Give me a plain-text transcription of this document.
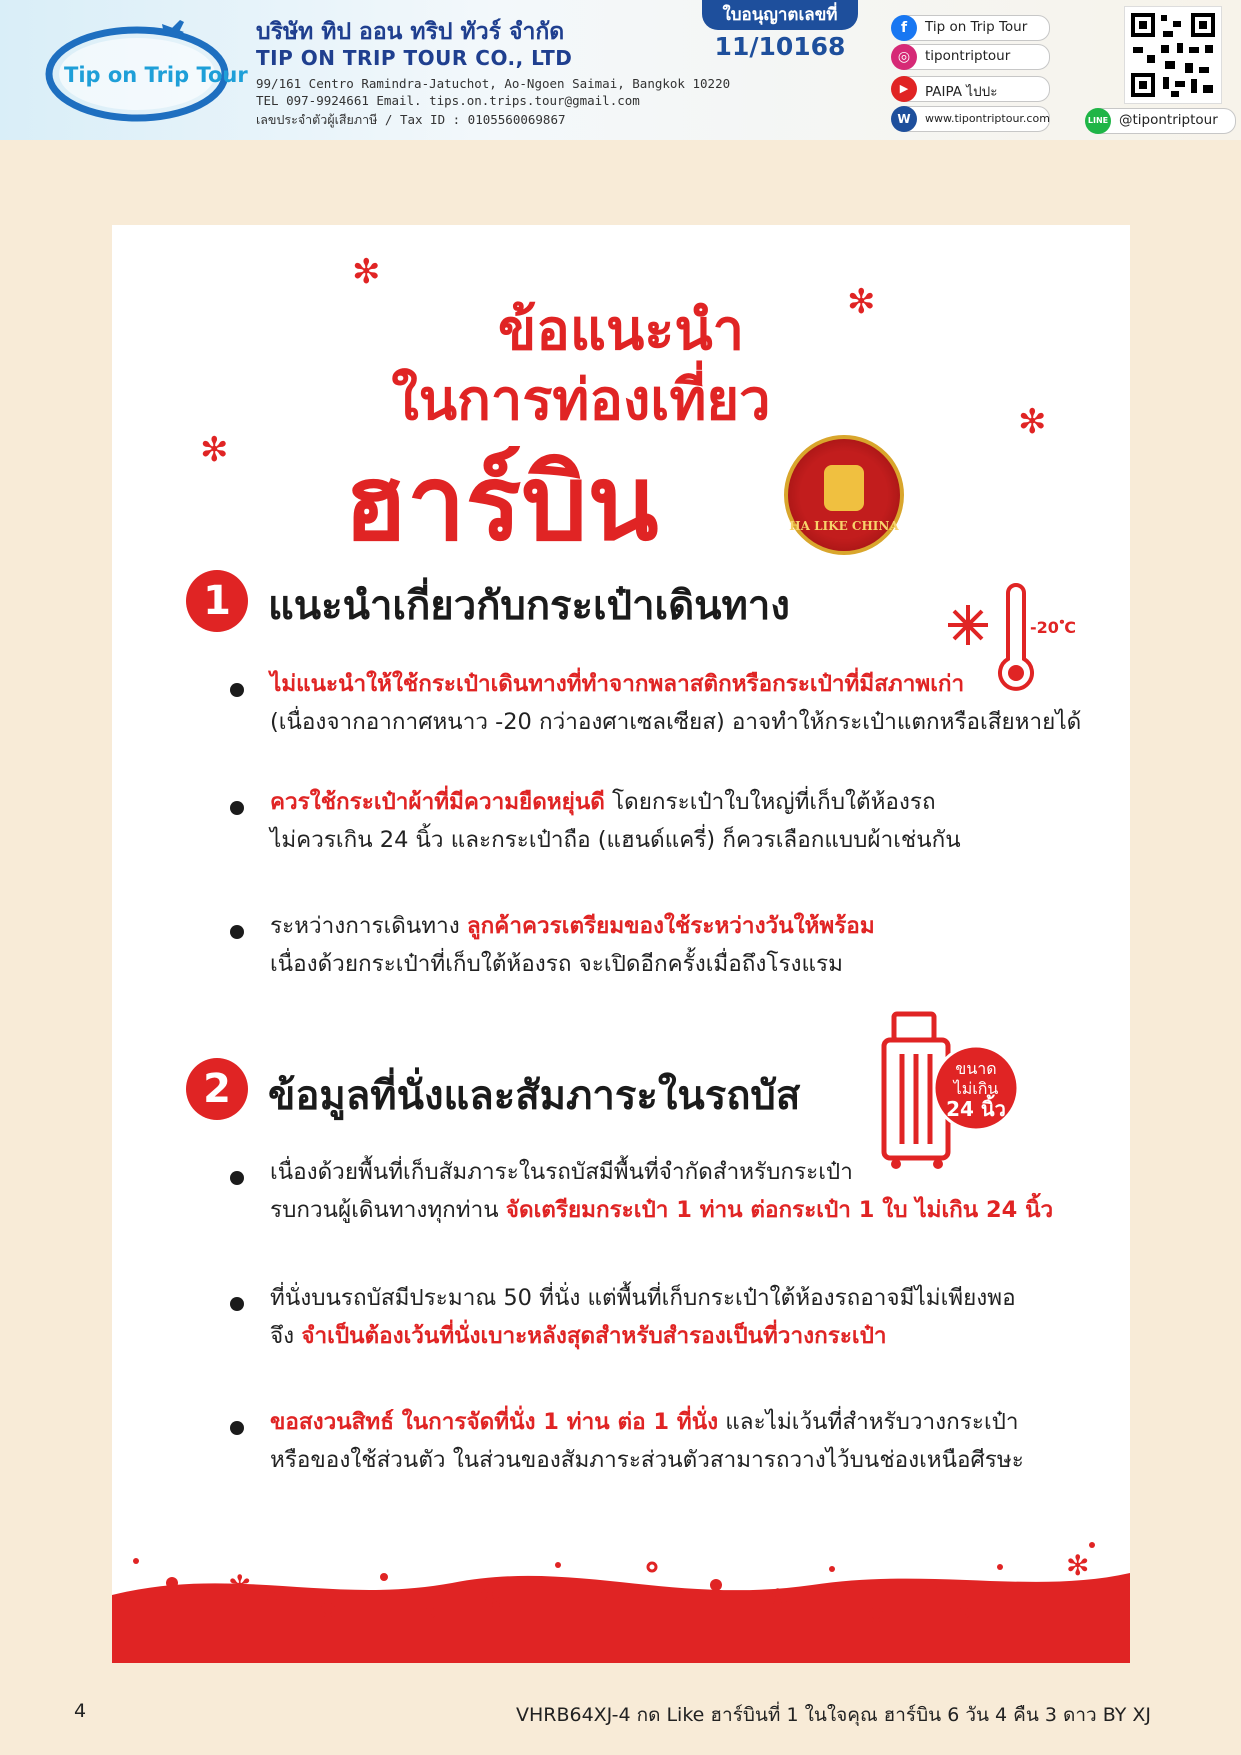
Tip on Trip Tour
บริษัท ทิป ออน ทริป ทัวร์ จำกัด
TIP ON TRIP TOUR CO., LTD
99/161 Centro Ramindra-Jatuchot, Ao-Ngoen Saimai, Bangkok 10220
TEL 097-9924661 Email. tips.on.trips.tour@gmail.com
เลขประจำตัวผู้เสียภาษี / Tax ID : 0105560069867
ใบอนุญาตเลขที่
11/10168
f	Tip on Trip Tour
◎	tipontriptour
▶	PAIPA ไปปะ
W	www.tipontriptour.com	LINE @tipontriptour
✻
✻
✻
✻
ข้อแนะนำ
ในการท่องเที่ยว
ฮาร์บิน	HA LIKE CHINA
1 แนะนำเกี่ยวกับกระเป๋าเดินทาง	-20 ํC
ไม่แนะนำให้ใช้กระเป๋าเดินทางที่ทำจากพลาสติกหรือกระเป๋าที่มีสภาพเก่า
(เนื่องจากอากาศหนาว -20 กว่าองศาเซลเซียส) อาจทำให้กระเป๋าแตกหรือเสียหายได้
ควรใช้กระเป๋าผ้าที่มีความยืดหยุ่นดี โดยกระเป๋าใบใหญ่ที่เก็บใต้ห้องรถ
ไม่ควรเกิน 24 นิ้ว และกระเป๋าถือ (แฮนด์แครี่) ก็ควรเลือกแบบผ้าเช่นกัน
ระหว่างการเดินทาง ลูกค้าควรเตรียมของใช้ระหว่างวันให้พร้อม
เนื่องด้วยกระเป๋าที่เก็บใต้ห้องรถ จะเปิดอีกครั้งเมื่อถึงโรงแรม
2 ข้อมูลที่นั่งและสัมภาระในรถบัส
ขนาด
ไม่เกิน
24 นิ้ว
เนื่องด้วยพื้นที่เก็บสัมภาระในรถบัสมีพื้นที่จำกัดสำหรับกระเป๋า
รบกวนผู้เดินทางทุกท่าน จัดเตรียมกระเป๋า 1 ท่าน ต่อกระเป๋า 1 ใบ ไม่เกิน 24 นิ้ว
ที่นั่งบนรถบัสมีประมาณ 50 ที่นั่ง แต่พื้นที่เก็บกระเป๋าใต้ห้องรถอาจมีไม่เพียงพอ
จึง จำเป็นต้องเว้นที่นั่งเบาะหลังสุดสำหรับสำรองเป็นที่วางกระเป๋า
ขอสงวนสิทธ์ ในการจัดที่นั่ง 1 ท่าน ต่อ 1 ที่นั่ง และไม่เว้นที่สำหรับวางกระเป๋า
หรือของใช้ส่วนตัว ในส่วนของสัมภาระส่วนตัวสามารถวางไว้บนช่องเหนือศีรษะ
✻	✻	✻
✻
4	VHRB64XJ-4 กด Like ฮาร์บินที่ 1 ในใจคุณ ฮาร์บิน 6 วัน 4 คืน 3 ดาว BY XJ
